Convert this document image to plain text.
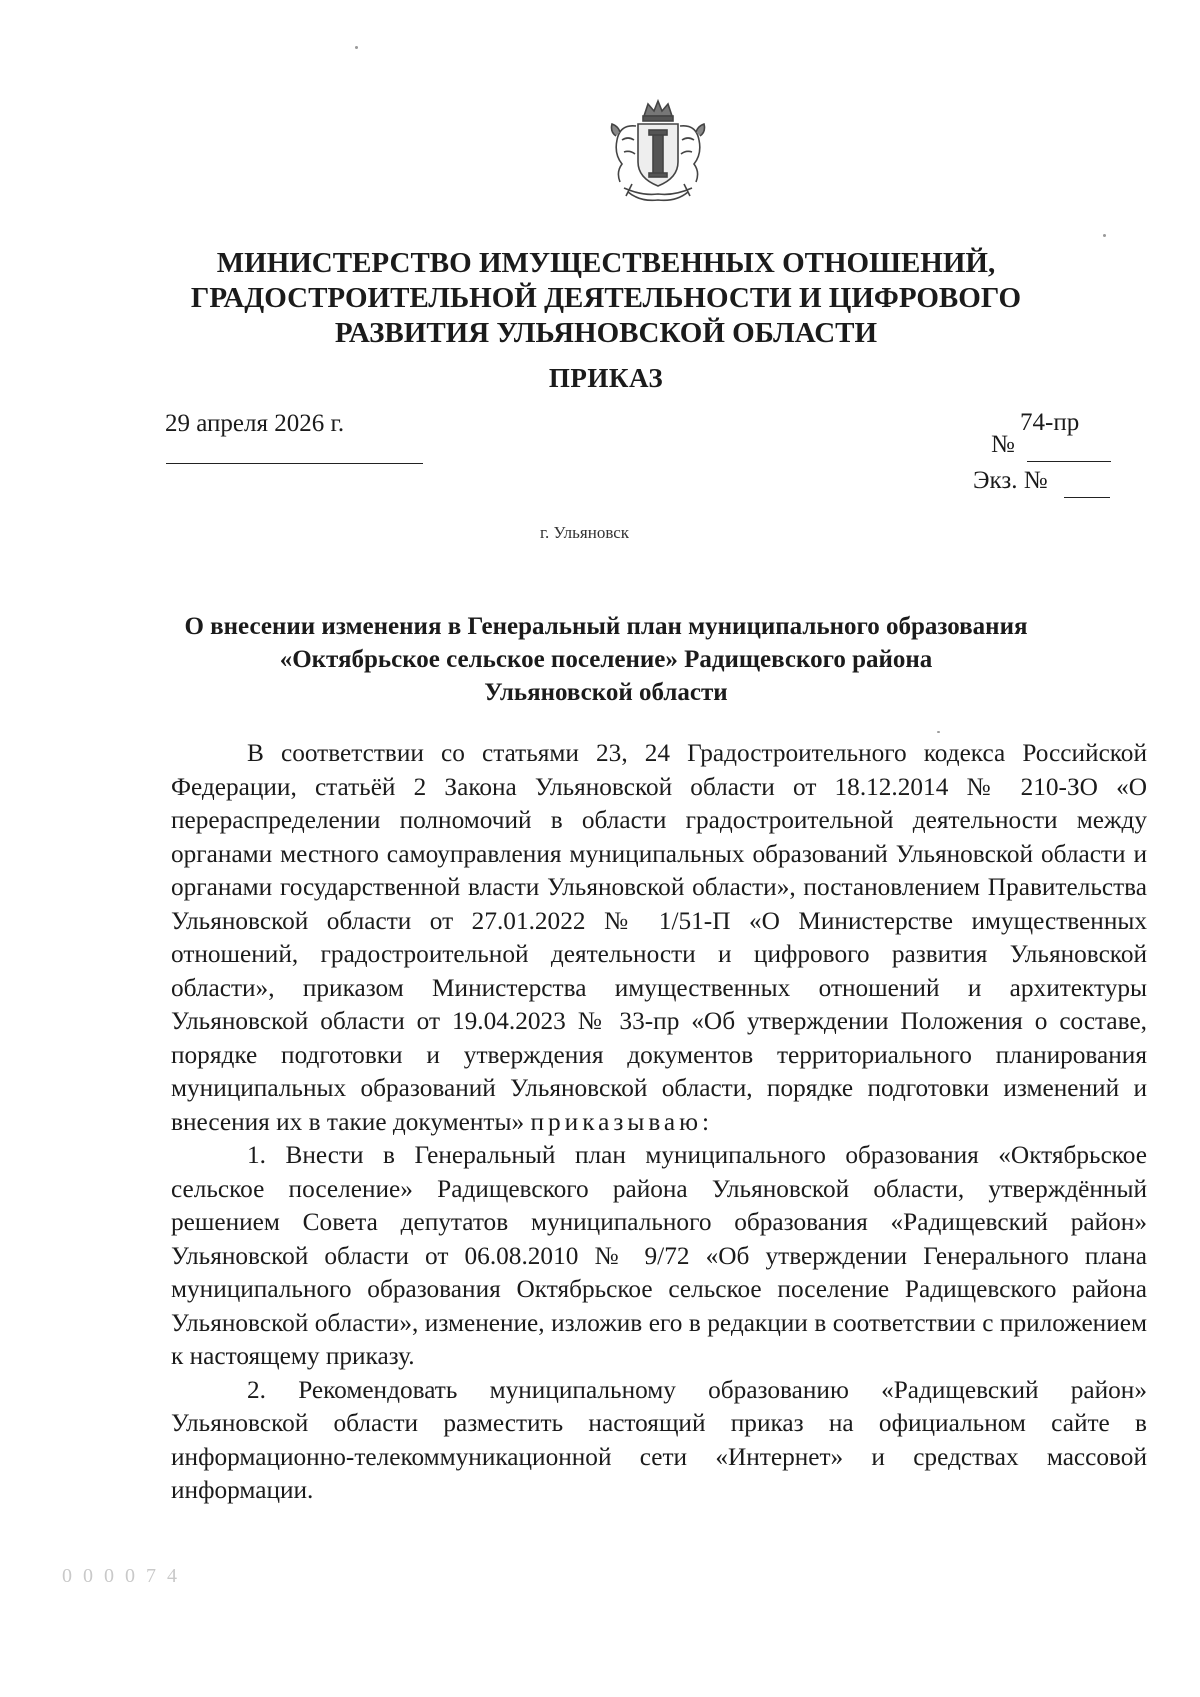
МИНИСТЕРСТВО ИМУЩЕСТВЕННЫХ ОТНОШЕНИЙ,
ГРАДОСТРОИТЕЛЬНОЙ ДЕЯТЕЛЬНОСТИ И ЦИФРОВОГО
РАЗВИТИЯ УЛЬЯНОВСКОЙ ОБЛАСТИ
ПРИКАЗ
29 апреля 2026 г.	74-пр
№
Экз. №
г. Ульяновск
О внесении изменения в Генеральный план муниципального образования
«Октябрьское сельское поселение» Радищевского района
Ульяновской области

В соответствии со статьями 23, 24 Градостроительного кодекса Российской Федерации, статьёй 2 Закона Ульяновской области от 18.12.2014 № 210-ЗО «О перераспределении полномочий в области градостроительной деятельности между органами местного самоуправления муниципальных образований Ульяновской области и органами государственной власти Ульяновской области», постановлением Правительства Ульяновской области от 27.01.2022 № 1/51-П «О Министерстве имущественных отношений, градостроительной деятельности и цифрового развития Ульяновской области», приказом Министерства имущественных отношений и архитектуры Ульяновской области от 19.04.2023 № 33-пр «Об утверждении Положения о составе, порядке подготовки и утверждения документов территориального планирования муниципальных образований Ульяновской области, порядке подготовки изменений и внесения их в такие документы» приказываю:

1. Внести в Генеральный план муниципального образования «Октябрьское сельское поселение» Радищевского района Ульяновской области, утверждённый решением Совета депутатов муниципального образования «Радищевский район» Ульяновской области от 06.08.2010 № 9/72 «Об утверждении Генерального плана муниципального образования Октябрьское сельское поселение Радищевского района Ульяновской области», изменение, изложив его в редакции в соответствии с приложением к настоящему приказу.

2. Рекомендовать муниципальному образованию «Радищевский район» Ульяновской области разместить настоящий приказ на официальном сайте в информационно-телекоммуникационной сети «Интернет» и средствах массовой информации.

0 0 0 0 7 4
